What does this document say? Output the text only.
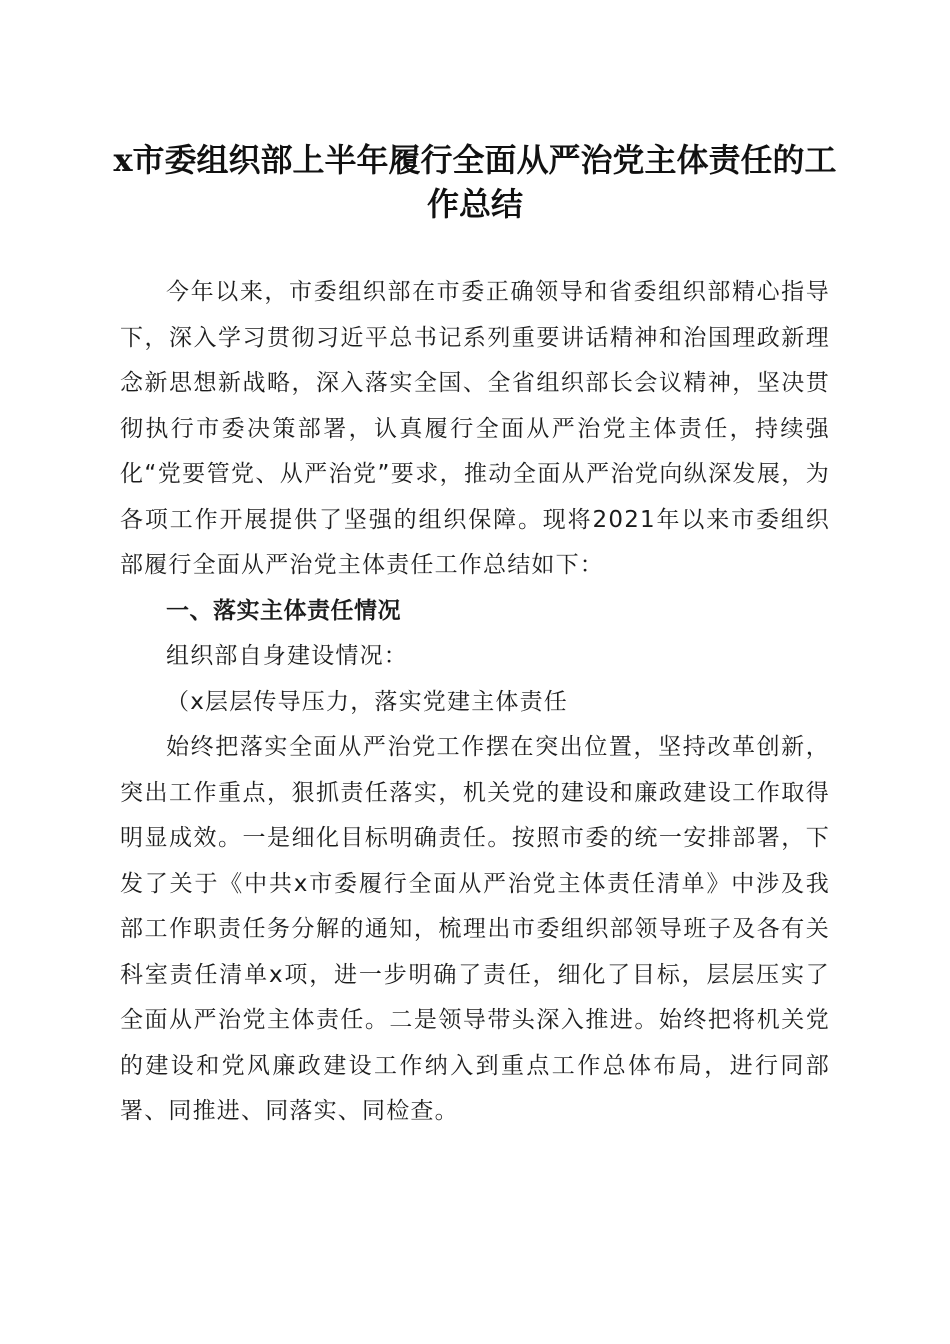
x市委组织部上半年履行全面从严治党主体责任的工作总结

今年以来，市委组织部在市委正确领导和省委组织部精心指导下，深入学习贯彻习近平总书记系列重要讲话精神和治国理政新理念新思想新战略，深入落实全国、全省组织部长会议精神，坚决贯彻执行市委决策部署，认真履行全面从严治党主体责任，持续强化“党要管党、从严治党”要求，推动全面从严治党向纵深发展，为各项工作开展提供了坚强的组织保障。现将2021年以来市委组织部履行全面从严治党主体责任工作总结如下：

一、落实主体责任情况

组织部自身建设情况：

（x层层传导压力，落实党建主体责任

始终把落实全面从严治党工作摆在突出位置，坚持改革创新，突出工作重点，狠抓责任落实，机关党的建设和廉政建设工作取得明显成效。一是细化目标明确责任。按照市委的统一安排部署，下发了关于《中共x市委履行全面从严治党主体责任清单》中涉及我部工作职责任务分解的通知，梳理出市委组织部领导班子及各有关科室责任清单x项，进一步明确了责任，细化了目标，层层压实了全面从严治党主体责任。二是领导带头深入推进。始终把将机关党的建设和党风廉政建设工作纳入到重点工作总体布局，进行同部署、同推进、同落实、同检查。
